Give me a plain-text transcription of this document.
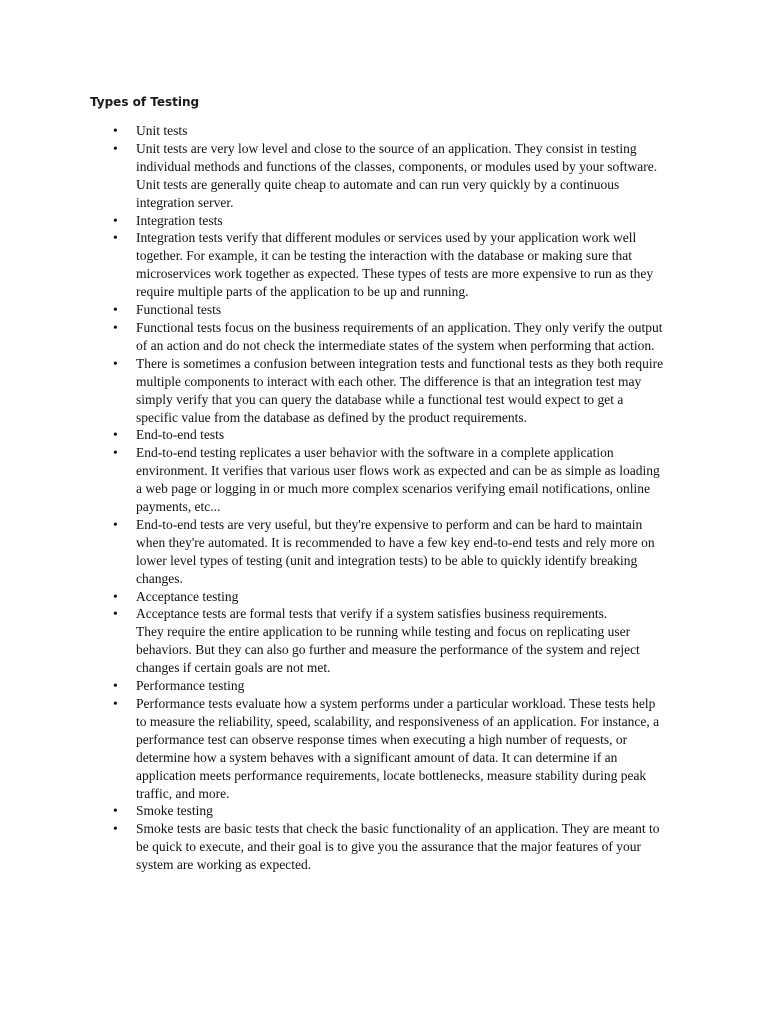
Types of Testing
•	Unit tests
•	Unit tests are very low level and close to the source of an application. They consist in testing
individual methods and functions of the classes, components, or modules used by your software.
Unit tests are generally quite cheap to automate and can run very quickly by a continuous
integration server.
•	Integration tests
•	Integration tests verify that different modules or services used by your application work well
together. For example, it can be testing the interaction with the database or making sure that
microservices work together as expected. These types of tests are more expensive to run as they
require multiple parts of the application to be up and running.
•	Functional tests
•	Functional tests focus on the business requirements of an application. They only verify the output
of an action and do not check the intermediate states of the system when performing that action.
•	There is sometimes a confusion between integration tests and functional tests as they both require
multiple components to interact with each other. The difference is that an integration test may
simply verify that you can query the database while a functional test would expect to get a
specific value from the database as defined by the product requirements.
•	End-to-end tests
•	End-to-end testing replicates a user behavior with the software in a complete application
environment. It verifies that various user flows work as expected and can be as simple as loading
a web page or logging in or much more complex scenarios verifying email notifications, online
payments, etc...
•	End-to-end tests are very useful, but they're expensive to perform and can be hard to maintain
when they're automated. It is recommended to have a few key end-to-end tests and rely more on
lower level types of testing (unit and integration tests) to be able to quickly identify breaking
changes.
•	Acceptance testing
•	Acceptance tests are formal tests that verify if a system satisfies business requirements.
They require the entire application to be running while testing and focus on replicating user
behaviors. But they can also go further and measure the performance of the system and reject
changes if certain goals are not met.
•	Performance testing
•	Performance tests evaluate how a system performs under a particular workload. These tests help
to measure the reliability, speed, scalability, and responsiveness of an application. For instance, a
performance test can observe response times when executing a high number of requests, or
determine how a system behaves with a significant amount of data. It can determine if an
application meets performance requirements, locate bottlenecks, measure stability during peak
traffic, and more.
•	Smoke testing
•	Smoke tests are basic tests that check the basic functionality of an application. They are meant to
be quick to execute, and their goal is to give you the assurance that the major features of your
system are working as expected.
